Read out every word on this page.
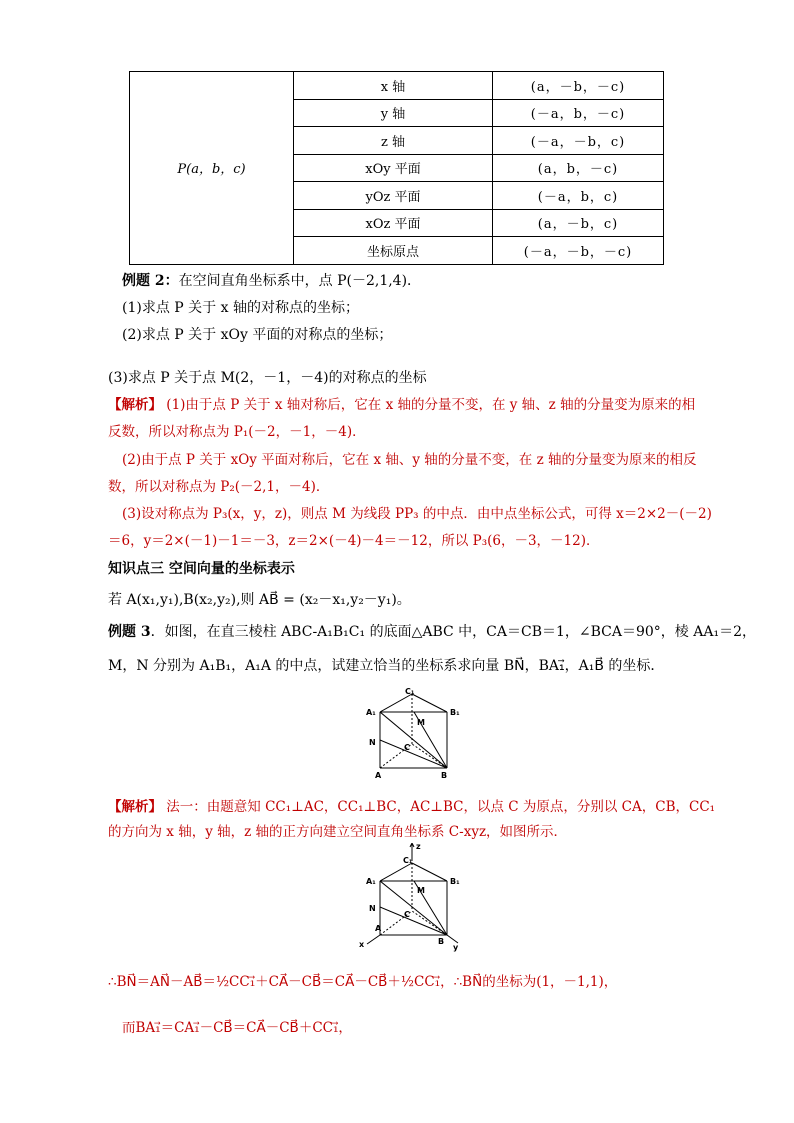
P(a，b，c)	x 轴	(a，－b，－c)
	y 轴	(－a，b，－c)
	z 轴	(－a，－b，c)
	xOy 平面	(a，b，－c)
	yOz 平面	(－a，b，c)
	xOz 平面	(a，－b，c)
	坐标原点	(－a，－b，－c)
例题 2：在空间直角坐标系中，点 P(－2,1,4)．
(1)求点 P 关于 x 轴的对称点的坐标；
(2)求点 P 关于 xOy 平面的对称点的坐标；
(3)求点 P 关于点 M(2，－1，－4)的对称点的坐标
【解析】 (1)由于点 P 关于 x 轴对称后，它在 x 轴的分量不变，在 y 轴、z 轴的分量变为原来的相
反数，所以对称点为 P₁(－2，－1，－4)．
(2)由于点 P 关于 xOy 平面对称后，它在 x 轴、y 轴的分量不变，在 z 轴的分量变为原来的相反
数，所以对称点为 P₂(－2,1，－4)．
(3)设对称点为 P₃(x，y，z)，则点 M 为线段 PP₃ 的中点．由中点坐标公式，可得 x＝2×2－(－2)
＝6，y＝2×(－1)－1＝－3，z＝2×(－4)－4＝－12，所以 P₃(6，－3，－12)．
知识点三 空间向量的坐标表示
若 A(x₁,y₁),B(x₂,y₂),则 AB⃗ = (x₂－x₁,y₂－y₁)。
例题 3．如图，在直三棱柱 ABC-A₁B₁C₁ 的底面△ABC 中，CA＝CB＝1，∠BCA＝90°，棱 AA₁＝2，
M，N 分别为 A₁B₁，A₁A 的中点，试建立恰当的坐标系求向量 BN⃗，BA₁⃗，A₁B⃗ 的坐标．
C₁
A₁	B₁
M
N
C
A	B
【解析】 法一：由题意知 CC₁⊥AC，CC₁⊥BC，AC⊥BC，以点 C 为原点，分别以 CA，CB，CC₁
的方向为 x 轴，y 轴，z 轴的正方向建立空间直角坐标系 C-xyz，如图所示．
z
C₁
A₁	B₁
M
N
C
A
B
x	y
∴BN⃗＝AN⃗－AB⃗＝½CC₁⃗＋CA⃗－CB⃗＝CA⃗－CB⃗＋½CC₁⃗，∴BN⃗的坐标为(1，－1,1)，
而BA₁⃗＝CA₁⃗－CB⃗＝CA⃗－CB⃗＋CC₁⃗，
